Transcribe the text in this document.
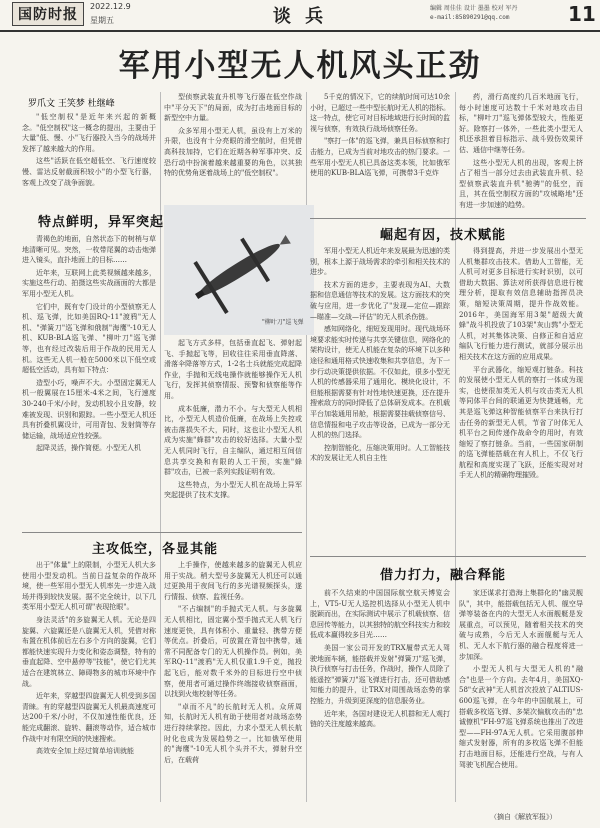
国防时报
2022.12.9
星期五	谈 兵	编辑 周佳佳 设计 墨墨 校对 军丹
e-mail:85890291@qq.com	11
军用小型无人机风头正劲
罗爪文 王笑梦 杜继峰

"低空制权"是近年来兴起的新概念。"低空制权"这一概念的提出，主要由于大量"低、慢、小"飞行器投入当今的战场并发挥了越来越大的作用。

这些"活跃在低空超低空、飞行速度较慢、雷达反射截面积较小"的小型飞行器，客观上改变了战争面貌。

特点鲜明，异军突起

青褐色的地面，自然状态下的树梢与草地清晰可见。突然，一枚带尾翼的动击炮弹进入镜头，直扑地面上的目标……

近年来，互联网上此类视频越来越多，实施这些行动、拍摄这些实战画面的大都是军用小型无人机。

它们中，既有专门设计的小型侦察无人机、巡飞弹，比如美国RQ-11"渡鸦"无人机、"弹簧刀"巡飞弹和俄制"海鹰"-10无人机、KUB-BLA巡飞弹、"柳叶刀"巡飞弹等，也有经过改装后用于作战的民用无人机。这些无人机一般在5000米以下低空或超低空活动，具有如下特点：

造型小巧，噪声不大。小型固定翼无人机一般翼展在15厘米-4米之间，飞行速度30-240千米/小时，发动机较小且安静，较难被发现、识别和跟踪。一些小型无人机还具有折叠机翼设计，可用背包、发射筒等存储运输，战场适应性较强。

起降灵活，操作简便。小型无人机

型侦察武装直升机等飞行器在低空作战中"平分天下"的局面，成为打击地面目标的新型空中力量。

众多军用小型无人机，虽设有上万米的升限，也没有十分亮眼的滑空航时，但凭借高科技加持，它们在近期各种军事冲突、反恐行动中扮演着越来越重要的角色，以其独特的优势角逐着战场上的"低空制权"。

"柳叶刀"巡飞弹

起飞方式多样，包括垂直起飞、弹射起飞、手抛起飞等，回收往往采用垂直降落、滑落伞降落等方式，1-2名士兵就能完成起降作业，手抛和无线电操作就能够操作无人机飞行，发挥其侦察情报、预警和侦察能等作用。

成本低廉，潜力不小。与大型无人机相比，小型无人机造价低廉，在战场上失控或被击落损失不大，同时，这也让小型无人机成为实施"蜂群"攻击的较好选择。大量小型无人机同时飞行，自主编队，通过相互间信息共享交换和有限的人工干预，实施"蜂群"攻击，已被一系列实践证明有效。

这些特点，为小型无人机在战场上异军突起提供了技术支撑。

5千克的情况下，它的续航时间可达10余小时，已超过一些中型长航时无人机的指标。这一特点，使它可对目标地域进行长时间的监视与侦察，有效执行战场侦察任务。

"察打一体"的巡飞弹，兼具目标侦察和打击能力，已成为当前对地攻击的热门要求。一些军用小型无人机已具备这类本领，比如俄军使用的KUB-BLA巡飞弹，可携带3千克炸

药，滑行高度约几百米地面飞行，每小时速度可达数十千米对地攻击目标，"柳叶刀"巡飞弹体型较大，性能更好。除察打一体外，一些此类小型无人机还承担着目标指示、战斗毁伤效果评估、通信中继等任务。

这些小型无人机的出现，客观上挤占了相当一部分过去由武装直升机、轻型侦察武装直升机"驰骋"的低空，而且，其在低空制权方面的"攻城略地"还有进一步加速的趋势。

崛起有因，技术赋能

军用小型无人机近年来发展最为迅速的类别，根本上源于战场需求的牵引和相关技术的进步。

技术方面的进步，主要表现为AI、大数据和信息通信等技术的发展。这方面技术的突破与应用，进一步优化了"发现—定位—跟踪—瞄准—交战—评估"的无人机杀伤链。

感知网络化，细短发现用时。现代战场环境要求能实时传递与共享关键信息，网络化的架构设计，使无人机能在复杂的环境下以多种途径和通用格式快速收集和共享信息，为下一步行动决策提供依据。不仅如此，很多小型无人机的传感器采用了通用化、模块化设计，不但能根据需要有针对性地快速更换，还在提升搜索敌方的同时降低了总体研发成本。在机载平台加装通用吊舱，根据需要挂载侦察信号、信息情报和电子攻击等设备，已成为一部分无人机的热门选择。

控制智能化，压缩决策用时。人工智能技术的发展让无人机自主性

得到提高，并进一步发展出小型无人机集群攻击技术。借助人工智能，无人机可对更多目标进行实时识别，以可借助大数据、算法对所获得信息进行梳理分析，提取有效信息辅助指挥员决策，缩短决策周期，提升作战效能。2016年，美国海军用3架"超级大黄蜂"战斗机投放了103架"灰山鹑"小型无人机，对其集体决策、自修正和自适应编队飞行能力进行测试，就部分展示出相关技术在这方面的应用成果。

平台武器化，缩短观打链条。科技的发展使小型无人机的察打一体成为现实，也使很加类无人机与攻击类无人机等同体平台间的联通更为快捷通畅，尤其是巡飞弹这种智能侦察平台来执行打击任务的新型无人机，节省了时体无人机平台之间传递作战命令的用时，有效缩短了察打链条。当前，一些国家研制的巡飞弹能搭载在有人机上，不仅飞行航程和高度实现了飞跃，还能实现对对手无人机的精确物理摧毁。

主攻低空，各显其能

出于"体量"上的限制，小型无人机大多使用小型发动机。当前日益复杂的作战环境，使一些军用小型无人机率先一步进入战场并得到较快发展。据不完全统计，以下几类军用小型无人机可谓"表现抢眼"。

身法灵活"的多旋翼无人机。无论是四旋翼、六旋翼还是八旋翼无人机，凭借对称布置在机体前后左右多个方向的旋翼，它们都能快速实现升力变化和姿态调整，特有的垂直起降、空中悬停等"技能"，使它们尤其适合在建筑林立、障碍物多的城市环境中作战。

近年来，穿越型四旋翼无人机受到多国青睐。有的穿越型四旋翼无人机最高速度可达200千米/小时，不仅加速性能优良，还能完成翻滚、旋转、翻滚等动作，适合城市作战中对有限空间的快速搜索。

高效安全加上经过简单培训就能

上手操作，使越来越多的旋翼无人机应用于实战。稍大型号多旋翼无人机还可以通过更换用于夜间飞行的多光谱视频探头，遂行情报、侦察、监视任务。

"不占编制"的手抛式无人机。与多旋翼无人机相比，固定翼小型手抛式无人机飞行速度更快，具有体积小、重量轻、携带方便等优点。折叠后，可放置在背包中携带，通常不同配备专门的无人机操作员。例如，美军RQ-11"渡鸦"无人机仅重1.9千克，抛投起飞后，能对数千米外的目标进行空中侦察，使用者可通过操作终端接收侦察画面，以找到火炮校射等任务。

"卓而不凡"的长航时无人机。众所周知，长航时无人机有助于使用者对战场态势进行持续掌控。因此，力求小型无人机长航时化也成为发展趋势之一。比如俄军使用的"海鹰"-10无人机个头并不大，弹射升空后，在载荷

借力打力，融合释能

前不久结束的中国国际航空航天博览会上，VT5-U无人巡控机选择从小型无人机中脱颖而出，在实际测试中展示了机载侦察、信息回传等能力，以其独特的航空科技实力和较低成本赢得较多目光……

美国一家公司开发的TRX履带式无人驾驶地面车辆，能搭载并发射"弹簧刀"巡飞弹，执行侦察与打击任务，作战时，操作人员除了能遥控"弹簧刀"巡飞弹进行打击，还可借助感知能力的提升，让TRX对周围战场态势的掌控能力，升级到更深度的信息服务业。

近年来，各国对建设无人机群和无人观打链的关注度越来越高。

家还谋求打造海上集群化的"幽灵舰队"，其中，能搭载包括无人机、舰空导弹等装备在内的大型无人水面舰艇是发展重点，可以预见，随着相关技术的突破与成熟，今后无人水面舰艇与无人机、无人水下航行器的融合程度将进一步加深。

小型无人机与大型无人机的"融合"也是一个方向。去年4月，美国XQ-58"女武神"无人机首次投放了ALTIUS-600巡飞弹，在今年的中国航展上，可搭载多枚巡飞弹、多架次偏航攻击的"忠诚僚机"FH-97巡飞弹系统也推出了改进型——FH-97A无人机。它采用腹部伸缩式发射器，所有的多枚巡飞弹不但能打击地面目标，还能进行空战，与有人驾驶飞机配合使用。

（摘自《解放军报》）
